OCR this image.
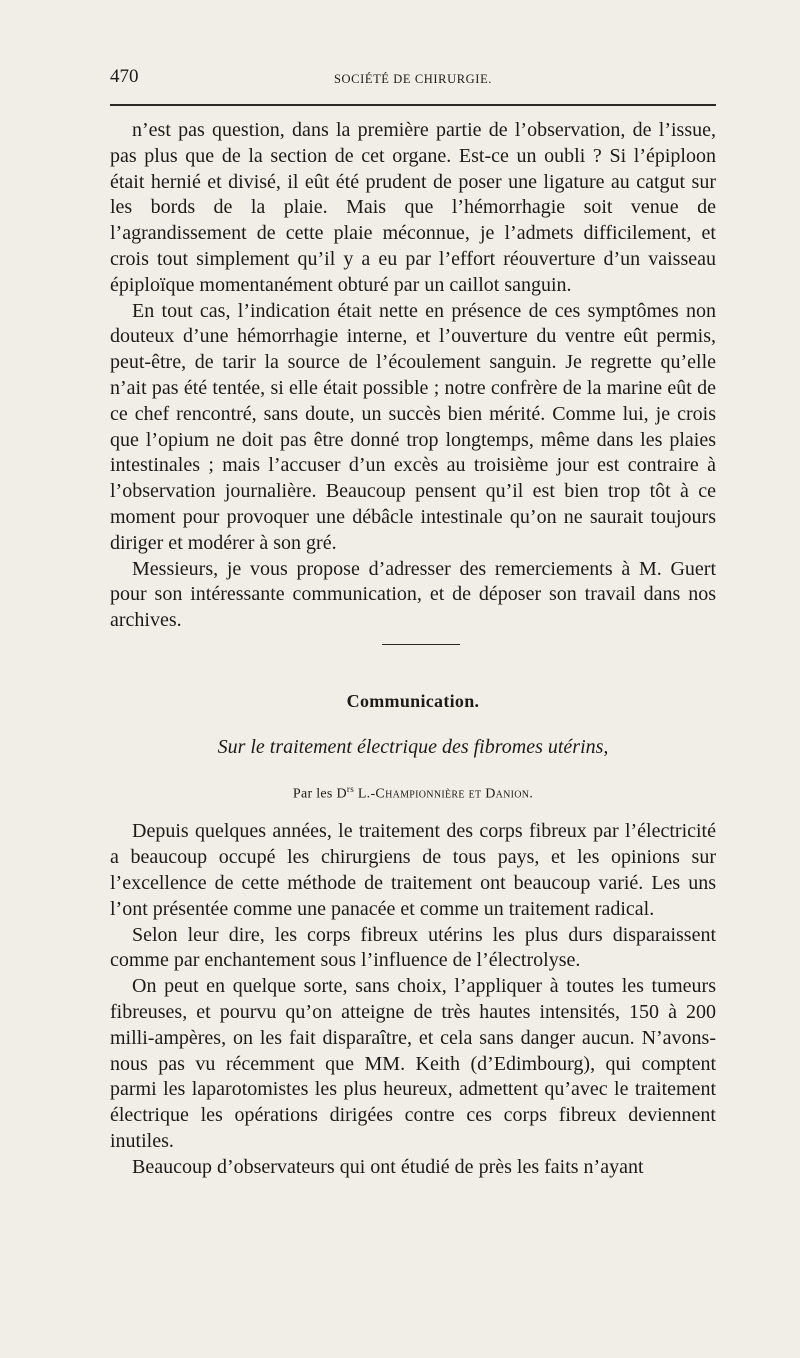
470	SOCIÉTÉ DE CHIRURGIE.

n’est pas question, dans la première partie de l’observation, de l’issue, pas plus que de la section de cet organe. Est-ce un oubli ? Si l’épiploon était hernié et divisé, il eût été prudent de poser une ligature au catgut sur les bords de la plaie. Mais que l’hémorrhagie soit venue de l’agrandissement de cette plaie méconnue, je l’admets difficilement, et crois tout simplement qu’il y a eu par l’effort réouverture d’un vaisseau épiploïque momentanément obturé par un caillot sanguin.

En tout cas, l’indication était nette en présence de ces symptômes non douteux d’une hémorrhagie interne, et l’ouverture du ventre eût permis, peut-être, de tarir la source de l’écoulement sanguin. Je regrette qu’elle n’ait pas été tentée, si elle était possible ; notre confrère de la marine eût de ce chef rencontré, sans doute, un succès bien mérité. Comme lui, je crois que l’opium ne doit pas être donné trop longtemps, même dans les plaies intestinales ; mais l’accuser d’un excès au troisième jour est contraire à l’observation journalière. Beaucoup pensent qu’il est bien trop tôt à ce moment pour provoquer une débâcle intestinale qu’on ne saurait toujours diriger et modérer à son gré.

Messieurs, je vous propose d’adresser des remerciements à M. Guert pour son intéressante communication, et de déposer son travail dans nos archives.

Communication.
Sur le traitement électrique des fibromes utérins,
Par les $D^{rs}$ L.-Championnière et Danion.

Depuis quelques années, le traitement des corps fibreux par l’électricité a beaucoup occupé les chirurgiens de tous pays, et les opinions sur l’excellence de cette méthode de traitement ont beaucoup varié. Les uns l’ont présentée comme une panacée et comme un traitement radical.

Selon leur dire, les corps fibreux utérins les plus durs disparaissent comme par enchantement sous l’influence de l’électrolyse.

On peut en quelque sorte, sans choix, l’appliquer à toutes les tumeurs fibreuses, et pourvu qu’on atteigne de très hautes intensités, 150 à 200 milli-ampères, on les fait disparaître, et cela sans danger aucun. N’avons-nous pas vu récemment que MM. Keith (d’Edimbourg), qui comptent parmi les laparotomistes les plus heureux, admettent qu’avec le traitement électrique les opérations dirigées contre ces corps fibreux deviennent inutiles.

Beaucoup d’observateurs qui ont étudié de près les faits n’ayant
